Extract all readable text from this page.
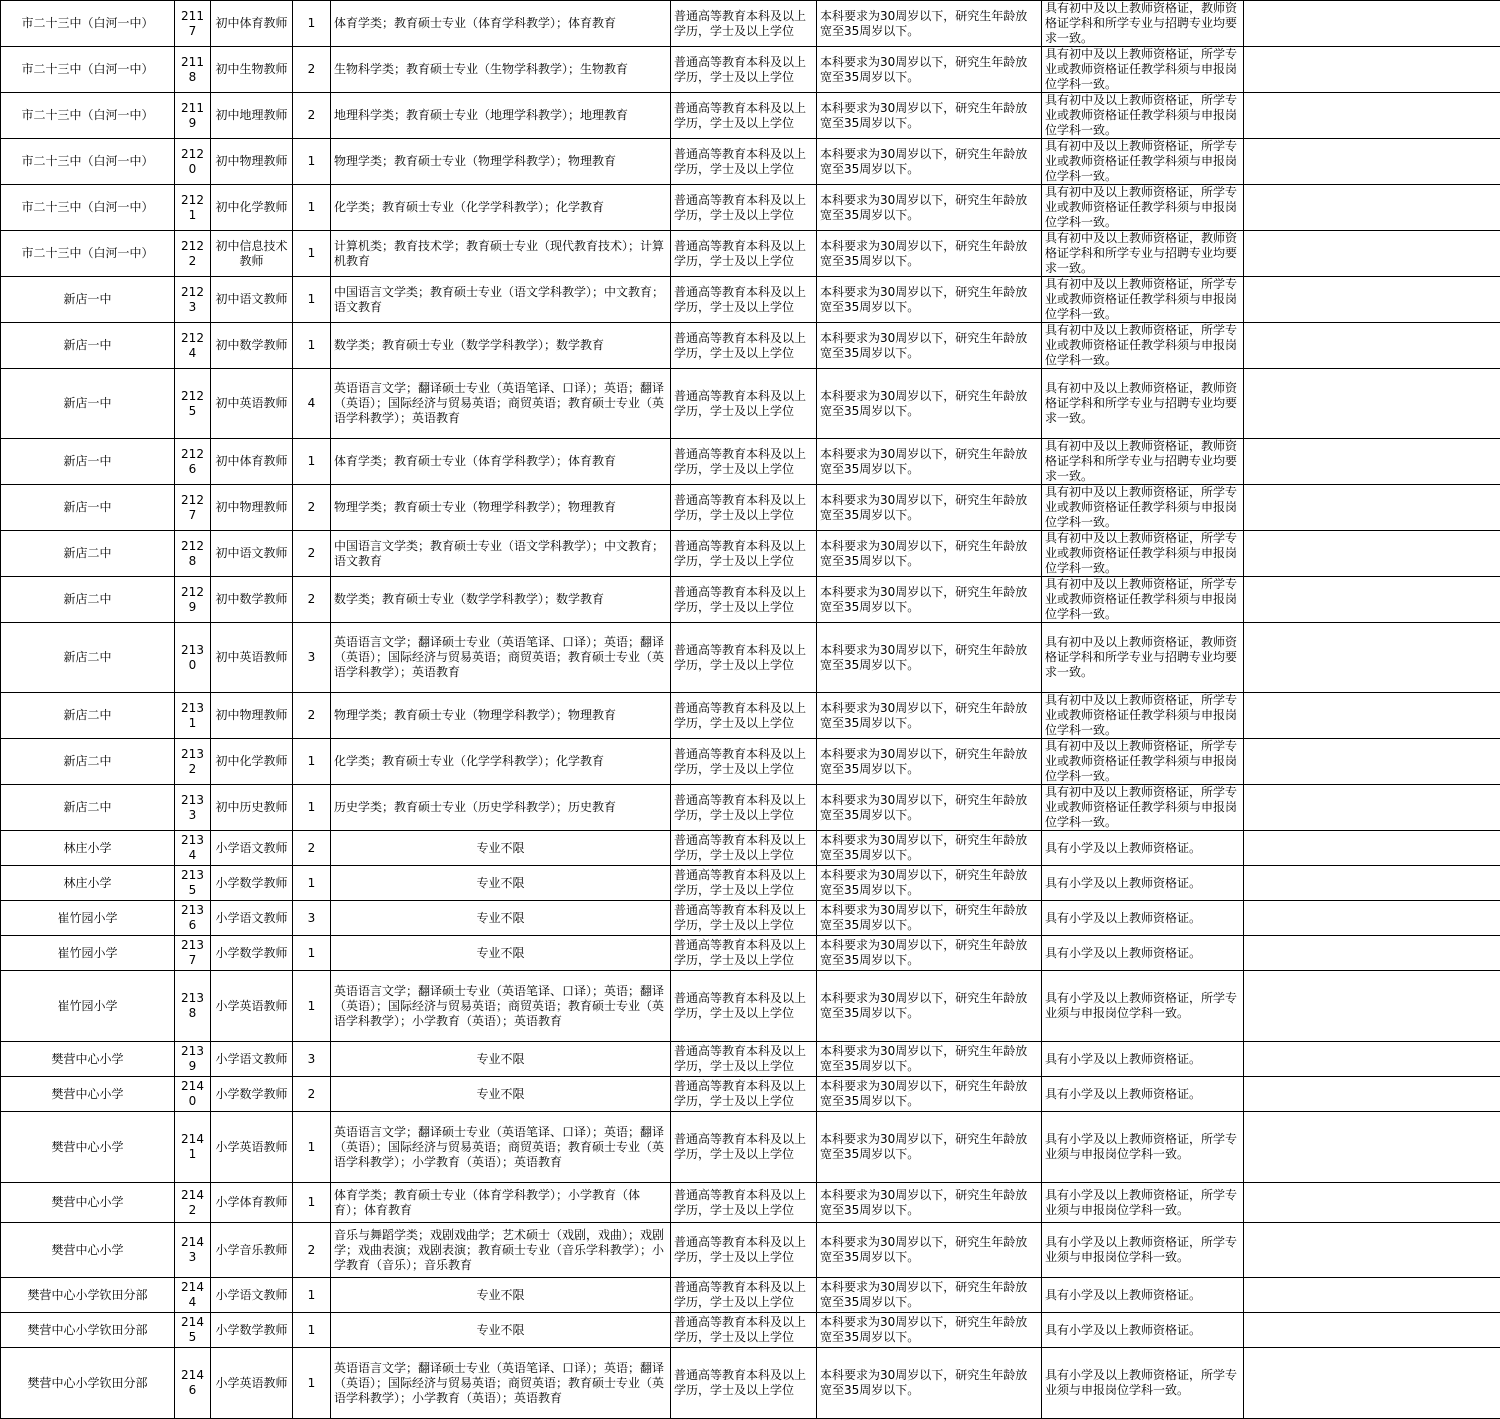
市二十三中（白河一中）	2117	初中体育教师	1	体育学类；教育硕士专业（体育学科教学）；体育教育	普通高等教育本科及以上学历，学士及以上学位	本科要求为30周岁以下，研究生年龄放宽至35周岁以下。	具有初中及以上教师资格证，教师资格证学科和所学专业与招聘专业均要求一致。	
市二十三中（白河一中）	2118	初中生物教师	2	生物科学类；教育硕士专业（生物学科教学）；生物教育	普通高等教育本科及以上学历，学士及以上学位	本科要求为30周岁以下，研究生年龄放宽至35周岁以下。	具有初中及以上教师资格证，所学专业或教师资格证任教学科须与申报岗位学科一致。	
市二十三中（白河一中）	2119	初中地理教师	2	地理科学类；教育硕士专业（地理学科教学）；地理教育	普通高等教育本科及以上学历，学士及以上学位	本科要求为30周岁以下，研究生年龄放宽至35周岁以下。	具有初中及以上教师资格证，所学专业或教师资格证任教学科须与申报岗位学科一致。	
市二十三中（白河一中）	2120	初中物理教师	1	物理学类；教育硕士专业（物理学科教学）；物理教育	普通高等教育本科及以上学历，学士及以上学位	本科要求为30周岁以下，研究生年龄放宽至35周岁以下。	具有初中及以上教师资格证，所学专业或教师资格证任教学科须与申报岗位学科一致。	
市二十三中（白河一中）	2121	初中化学教师	1	化学类；教育硕士专业（化学学科教学）；化学教育	普通高等教育本科及以上学历，学士及以上学位	本科要求为30周岁以下，研究生年龄放宽至35周岁以下。	具有初中及以上教师资格证，所学专业或教师资格证任教学科须与申报岗位学科一致。	
市二十三中（白河一中）	2122	初中信息技术教师	1	计算机类；教育技术学；教育硕士专业（现代教育技术）；计算机教育	普通高等教育本科及以上学历，学士及以上学位	本科要求为30周岁以下，研究生年龄放宽至35周岁以下。	具有初中及以上教师资格证，教师资格证学科和所学专业与招聘专业均要求一致。	
新店一中	2123	初中语文教师	1	中国语言文学类；教育硕士专业（语文学科教学）；中文教育；语文教育	普通高等教育本科及以上学历，学士及以上学位	本科要求为30周岁以下，研究生年龄放宽至35周岁以下。	具有初中及以上教师资格证，所学专业或教师资格证任教学科须与申报岗位学科一致。	
新店一中	2124	初中数学教师	1	数学类；教育硕士专业（数学学科教学）；数学教育	普通高等教育本科及以上学历，学士及以上学位	本科要求为30周岁以下，研究生年龄放宽至35周岁以下。	具有初中及以上教师资格证，所学专业或教师资格证任教学科须与申报岗位学科一致。	
新店一中	2125	初中英语教师	4	英语语言文学；翻译硕士专业（英语笔译、口译）；英语；翻译（英语）；国际经济与贸易英语；商贸英语；教育硕士专业（英语学科教学）；英语教育	普通高等教育本科及以上学历，学士及以上学位	本科要求为30周岁以下，研究生年龄放宽至35周岁以下。	具有初中及以上教师资格证，教师资格证学科和所学专业与招聘专业均要求一致。	
新店一中	2126	初中体育教师	1	体育学类；教育硕士专业（体育学科教学）；体育教育	普通高等教育本科及以上学历，学士及以上学位	本科要求为30周岁以下，研究生年龄放宽至35周岁以下。	具有初中及以上教师资格证，教师资格证学科和所学专业与招聘专业均要求一致。	
新店一中	2127	初中物理教师	2	物理学类；教育硕士专业（物理学科教学）；物理教育	普通高等教育本科及以上学历，学士及以上学位	本科要求为30周岁以下，研究生年龄放宽至35周岁以下。	具有初中及以上教师资格证，所学专业或教师资格证任教学科须与申报岗位学科一致。	
新店二中	2128	初中语文教师	2	中国语言文学类；教育硕士专业（语文学科教学）；中文教育；语文教育	普通高等教育本科及以上学历，学士及以上学位	本科要求为30周岁以下，研究生年龄放宽至35周岁以下。	具有初中及以上教师资格证，所学专业或教师资格证任教学科须与申报岗位学科一致。	
新店二中	2129	初中数学教师	2	数学类；教育硕士专业（数学学科教学）；数学教育	普通高等教育本科及以上学历，学士及以上学位	本科要求为30周岁以下，研究生年龄放宽至35周岁以下。	具有初中及以上教师资格证，所学专业或教师资格证任教学科须与申报岗位学科一致。	
新店二中	2130	初中英语教师	3	英语语言文学；翻译硕士专业（英语笔译、口译）；英语；翻译（英语）；国际经济与贸易英语；商贸英语；教育硕士专业（英语学科教学）；英语教育	普通高等教育本科及以上学历，学士及以上学位	本科要求为30周岁以下，研究生年龄放宽至35周岁以下。	具有初中及以上教师资格证，教师资格证学科和所学专业与招聘专业均要求一致。	
新店二中	2131	初中物理教师	2	物理学类；教育硕士专业（物理学科教学）；物理教育	普通高等教育本科及以上学历，学士及以上学位	本科要求为30周岁以下，研究生年龄放宽至35周岁以下。	具有初中及以上教师资格证，所学专业或教师资格证任教学科须与申报岗位学科一致。	
新店二中	2132	初中化学教师	1	化学类；教育硕士专业（化学学科教学）；化学教育	普通高等教育本科及以上学历，学士及以上学位	本科要求为30周岁以下，研究生年龄放宽至35周岁以下。	具有初中及以上教师资格证，所学专业或教师资格证任教学科须与申报岗位学科一致。	
新店二中	2133	初中历史教师	1	历史学类；教育硕士专业（历史学科教学）；历史教育	普通高等教育本科及以上学历，学士及以上学位	本科要求为30周岁以下，研究生年龄放宽至35周岁以下。	具有初中及以上教师资格证，所学专业或教师资格证任教学科须与申报岗位学科一致。	
林庄小学	2134	小学语文教师	2	专业不限	普通高等教育本科及以上学历，学士及以上学位	本科要求为30周岁以下，研究生年龄放宽至35周岁以下。	具有小学及以上教师资格证。	
林庄小学	2135	小学数学教师	1	专业不限	普通高等教育本科及以上学历，学士及以上学位	本科要求为30周岁以下，研究生年龄放宽至35周岁以下。	具有小学及以上教师资格证。	
崔竹园小学	2136	小学语文教师	3	专业不限	普通高等教育本科及以上学历，学士及以上学位	本科要求为30周岁以下，研究生年龄放宽至35周岁以下。	具有小学及以上教师资格证。	
崔竹园小学	2137	小学数学教师	1	专业不限	普通高等教育本科及以上学历，学士及以上学位	本科要求为30周岁以下，研究生年龄放宽至35周岁以下。	具有小学及以上教师资格证。	
崔竹园小学	2138	小学英语教师	1	英语语言文学；翻译硕士专业（英语笔译、口译）；英语；翻译（英语）；国际经济与贸易英语；商贸英语；教育硕士专业（英语学科教学）；小学教育（英语）；英语教育	普通高等教育本科及以上学历，学士及以上学位	本科要求为30周岁以下，研究生年龄放宽至35周岁以下。	具有小学及以上教师资格证，所学专业须与申报岗位学科一致。	
樊营中心小学	2139	小学语文教师	3	专业不限	普通高等教育本科及以上学历，学士及以上学位	本科要求为30周岁以下，研究生年龄放宽至35周岁以下。	具有小学及以上教师资格证。	
樊营中心小学	2140	小学数学教师	2	专业不限	普通高等教育本科及以上学历，学士及以上学位	本科要求为30周岁以下，研究生年龄放宽至35周岁以下。	具有小学及以上教师资格证。	
樊营中心小学	2141	小学英语教师	1	英语语言文学；翻译硕士专业（英语笔译、口译）；英语；翻译（英语）；国际经济与贸易英语；商贸英语；教育硕士专业（英语学科教学）；小学教育（英语）；英语教育	普通高等教育本科及以上学历，学士及以上学位	本科要求为30周岁以下，研究生年龄放宽至35周岁以下。	具有小学及以上教师资格证，所学专业须与申报岗位学科一致。	
樊营中心小学	2142	小学体育教师	1	体育学类；教育硕士专业（体育学科教学）；小学教育（体育）；体育教育	普通高等教育本科及以上学历，学士及以上学位	本科要求为30周岁以下，研究生年龄放宽至35周岁以下。	具有小学及以上教师资格证，所学专业须与申报岗位学科一致。	
樊营中心小学	2143	小学音乐教师	2	音乐与舞蹈学类；戏剧戏曲学；艺术硕士（戏剧，戏曲）；戏剧学；戏曲表演；戏剧表演；教育硕士专业（音乐学科教学）；小学教育（音乐）；音乐教育	普通高等教育本科及以上学历，学士及以上学位	本科要求为30周岁以下，研究生年龄放宽至35周岁以下。	具有小学及以上教师资格证，所学专业须与申报岗位学科一致。	
樊营中心小学钦田分部	2144	小学语文教师	1	专业不限	普通高等教育本科及以上学历，学士及以上学位	本科要求为30周岁以下，研究生年龄放宽至35周岁以下。	具有小学及以上教师资格证。	
樊营中心小学钦田分部	2145	小学数学教师	1	专业不限	普通高等教育本科及以上学历，学士及以上学位	本科要求为30周岁以下，研究生年龄放宽至35周岁以下。	具有小学及以上教师资格证。	
樊营中心小学钦田分部	2146	小学英语教师	1	英语语言文学；翻译硕士专业（英语笔译、口译）；英语；翻译（英语）；国际经济与贸易英语；商贸英语；教育硕士专业（英语学科教学）；小学教育（英语）；英语教育	普通高等教育本科及以上学历，学士及以上学位	本科要求为30周岁以下，研究生年龄放宽至35周岁以下。	具有小学及以上教师资格证，所学专业须与申报岗位学科一致。	
